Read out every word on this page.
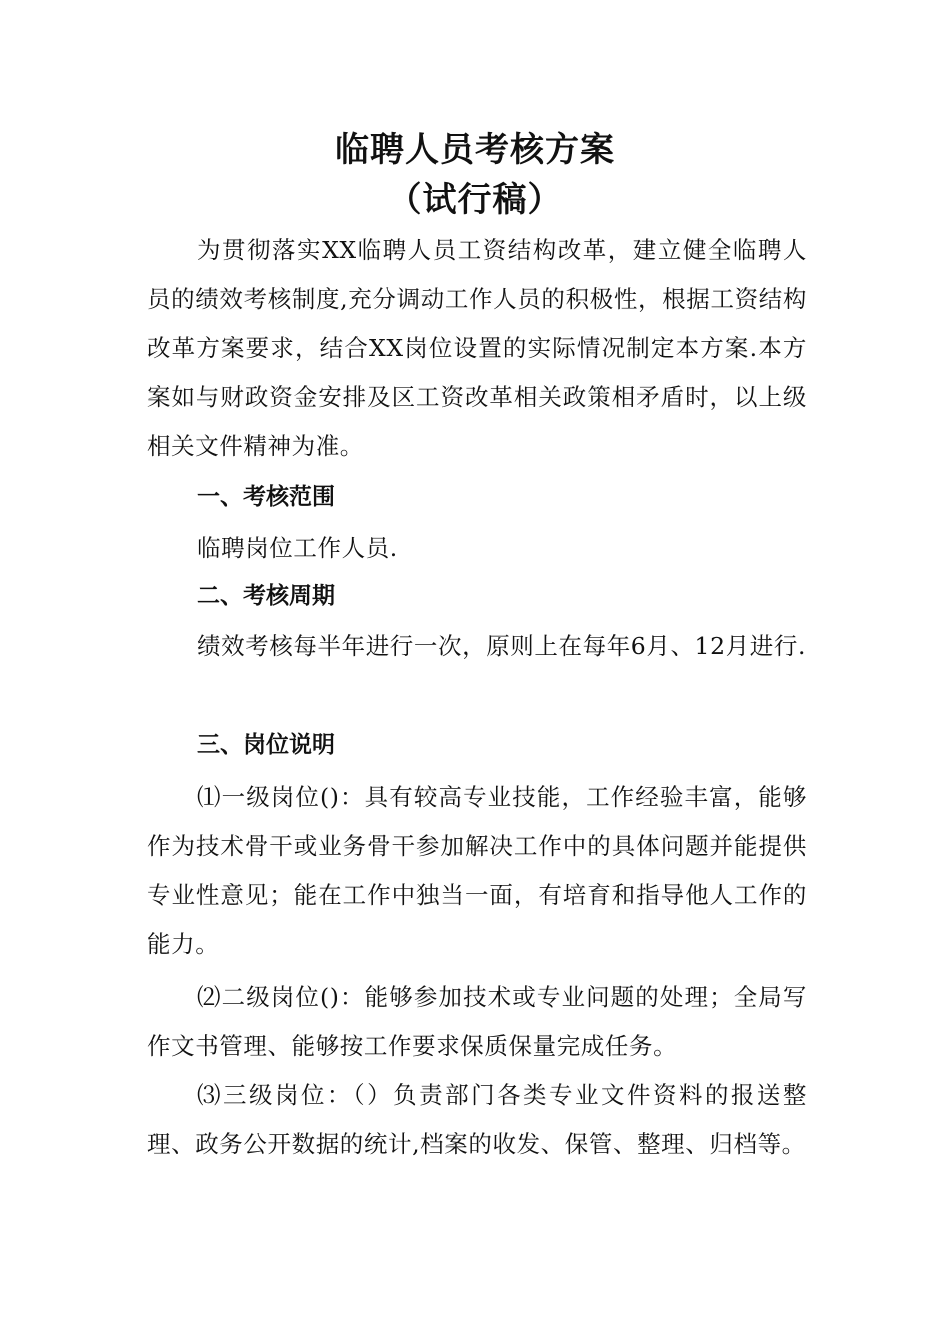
临聘人员考核方案
（试行稿）

为贯彻落实XX临聘人员工资结构改革，建立健全临聘人员的绩效考核制度,充分调动工作人员的积极性，根据工资结构改革方案要求，结合XX岗位设置的实际情况制定本方案.本方案如与财政资金安排及区工资改革相关政策相矛盾时，以上级相关文件精神为准。

一、考核范围

临聘岗位工作人员.

二、考核周期

绩效考核每半年进行一次，原则上在每年6月、12月进行.

三、岗位说明

⑴一级岗位()：具有较高专业技能，工作经验丰富，能够作为技术骨干或业务骨干参加解决工作中的具体问题并能提供专业性意见；能在工作中独当一面，有培育和指导他人工作的能力。

⑵二级岗位()：能够参加技术或专业问题的处理；全局写作文书管理、能够按工作要求保质保量完成任务。

⑶三级岗位：（）负责部门各类专业文件资料的报送整理、政务公开数据的统计,档案的收发、保管、整理、归档等。
